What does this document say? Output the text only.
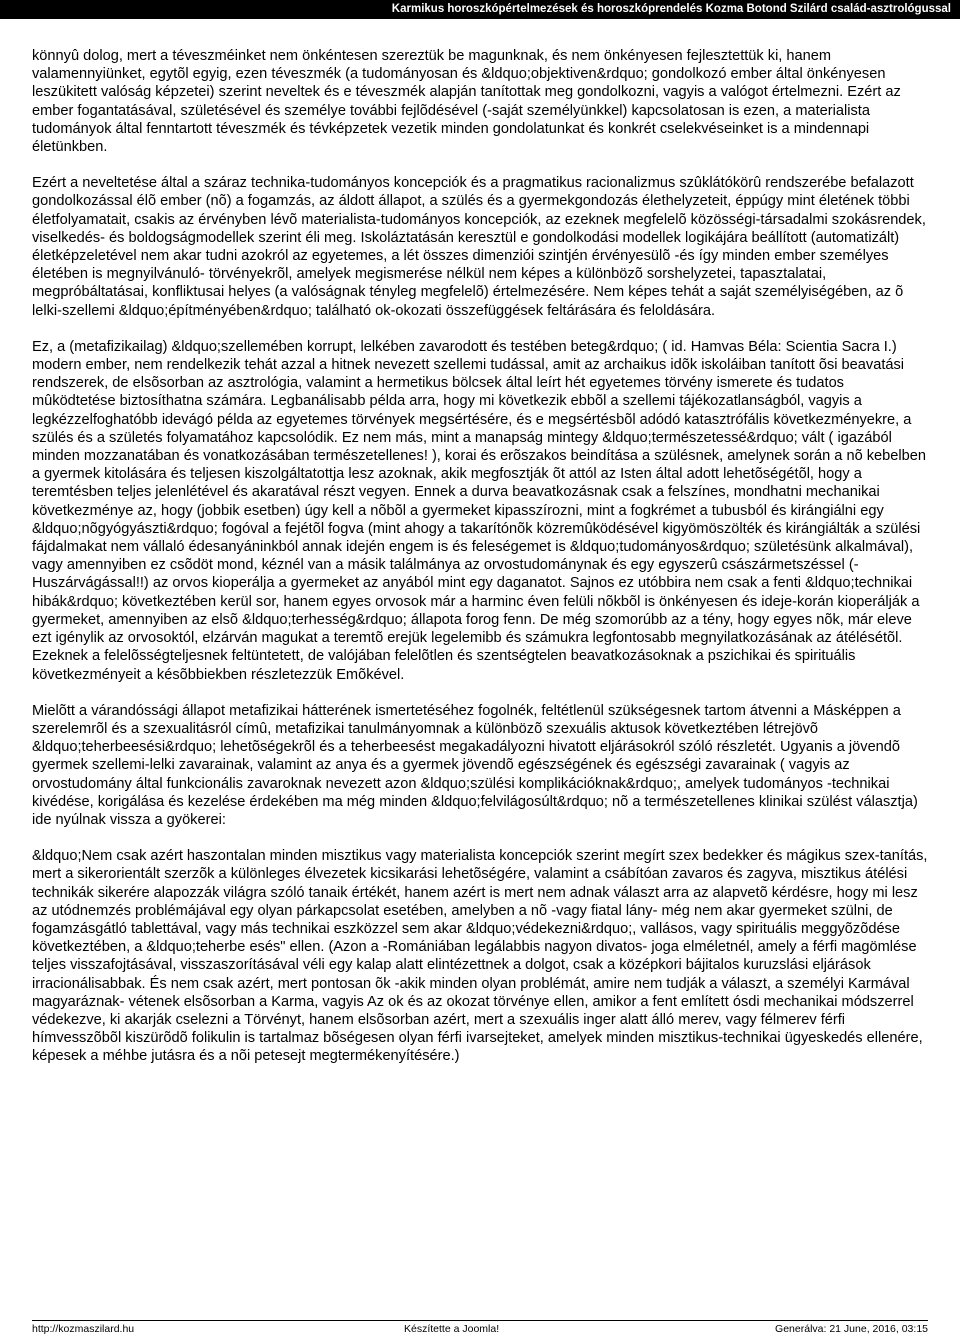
Karmikus horoszkópértelmezések és horoszkóprendelés Kozma Botond Szilárd család-asztrológussal

könnyû dolog, mert a téveszméinket nem önkéntesen szereztük be magunknak, és nem önkényesen fejlesztettük ki, hanem valamennyiünket, egytõl egyig, ezen téveszmék (a tudományosan és &ldquo;objektiven&rdquo; gondolkozó ember által önkényesen leszükitett valóság képzetei) szerint neveltek és e téveszmék alapján tanítottak meg gondolkozni, vagyis a valógot értelmezni. Ezért az ember fogantatásával, születésével és személye további fejlõdésével (-saját személyünkkel) kapcsolatosan is ezen, a materialista tudományok által fenntartott téveszmék és tévképzetek vezetik minden gondolatunkat és konkrét cselekvéseinket is a mindennapi életünkben.

Ezért a neveltetése által a száraz technika-tudományos koncepciók és a pragmatikus racionalizmus szûklátókörû rendszerébe befalazott gondolkozással élõ ember (nõ) a fogamzás, az áldott állapot, a szülés és a gyermekgondozás élethelyzeteit, éppúgy mint életének többi életfolyamatait, csakis az érvényben lévõ materialista-tudományos koncepciók, az ezeknek megfelelõ közösségi-társadalmi szokásrendek, viselkedés- és boldogságmodellek szerint éli meg. Iskoláztatásán keresztül e gondolkodási modellek logikájára beállított (automatizált) életképzeletével nem akar tudni azokról az egyetemes, a lét összes dimenziói szintjén érvényesülõ -és így minden ember személyes életében is megnyilvánuló- törvényekrõl, amelyek megismerése nélkül nem képes a különbözõ sorshelyzetei, tapasztalatai, megpróbáltatásai, konfliktusai helyes (a valóságnak tényleg megfelelõ) értelmezésére. Nem képes tehát a saját személyiségében, az õ lelki-szellemi &ldquo;építményében&rdquo; található ok-okozati összefüggések feltárására és feloldására.

Ez, a (metafizikailag) &ldquo;szellemében korrupt, lelkében zavarodott és testében beteg&rdquo; ( id. Hamvas Béla: Scientia Sacra I.) modern ember, nem rendelkezik tehát azzal a hitnek nevezett szellemi tudással, amit az archaikus idõk iskoláiban tanított õsi beavatási rendszerek, de elsõsorban az asztrológia, valamint a hermetikus bölcsek által leírt hét egyetemes törvény ismerete és tudatos mûködtetése biztosíthatna számára. Legbanálisabb példa arra, hogy mi következik ebbõl a szellemi tájékozatlanságból, vagyis a legkézzelfoghatóbb idevágó példa az egyetemes törvények megsértésére, és e megsértésbõl adódó katasztrófális következményekre, a szülés és a születés folyamatához kapcsolódik. Ez nem más, mint a manapság mintegy &ldquo;természetessé&rdquo; vált ( igazából minden mozzanatában és vonatkozásában természetellenes! ), korai és erõszakos beindítása a szülésnek, amelynek során a nõ kebelben a gyermek kitolására és teljesen kiszolgáltatottja lesz azoknak, akik megfosztják õt attól az Isten által adott lehetõségétõl, hogy a teremtésben teljes jelenlétével és akaratával részt vegyen. Ennek a durva beavatkozásnak csak a felszínes, mondhatni mechanikai következménye az, hogy (jobbik esetben) úgy kell a nõbõl a gyermeket kipasszírozni, mint a fogkrémet a tubusból és kirángiálni egy &ldquo;nõgyógyászti&rdquo; fogóval a fejétõl fogva (mint ahogy a takarítónõk közremûködésével kigyömöszölték és kirángiálták a szülési fájdalmakat nem vállaló édesanyáninkból annak idején engem is és feleségemet is &ldquo;tudományos&rdquo; születésünk alkalmával), vagy amennyiben ez csõdöt mond, kéznél van a másik találmánya az orvostudománynak és egy egyszerû császármetszéssel (-Huszárvágással!!) az orvos kioperálja a gyermeket az anyából mint egy daganatot. Sajnos ez utóbbira nem csak a fenti &ldquo;technikai hibák&rdquo; következtében kerül sor, hanem egyes orvosok már a harminc éven felüli nõkbõl is önkényesen és ideje-korán kioperálják a gyermeket, amennyiben az elsõ &ldquo;terhesség&rdquo; állapota forog fenn. De még szomorúbb az a tény, hogy egyes nõk, már eleve ezt igénylik az orvosoktól, elzárván magukat a teremtõ erejük legelemibb és számukra legfontosabb megnyilatkozásának az átélésétõl. Ezeknek a felelõsségteljesnek feltüntetett, de valójában felelõtlen és szentségtelen beavatkozásoknak a pszichikai és spirituális következményeit a késõbbiekben részletezzük Emõkével.

Mielõtt a várandóssági állapot metafizikai hátterének ismertetéséhez fogolnék, feltétlenül szükségesnek tartom átvenni a Másképpen a szerelemrõl és a szexualitásról címû, metafizikai tanulmányomnak a különbözõ szexuális aktusok következtében létrejövõ &ldquo;teherbeesési&rdquo; lehetõségekrõl és a teherbeesést megakadályozni hivatott eljárásokról szóló részletét. Ugyanis a jövendõ gyermek szellemi-lelki zavarainak, valamint az anya és a gyermek jövendõ egészségének és egészségi zavarainak ( vagyis az orvostudomány által funkcionális zavaroknak nevezett azon &ldquo;szülési komplikációknak&rdquo;, amelyek tudományos -technikai kivédése, korigálása és kezelése érdekében ma még minden &ldquo;felvilágosúlt&rdquo; nõ a természetellenes klinikai szülést választja) ide nyúlnak vissza a gyökerei:

&ldquo;Nem csak azért haszontalan minden misztikus vagy materialista koncepciók szerint megírt szex bedekker és mágikus szex-tanítás, mert a sikerorientált szerzõk a különleges élvezetek kicsikarási lehetõségére, valamint a csábítóan zavaros és zagyva, misztikus átélési technikák sikerére alapozzák világra szóló tanaik értékét, hanem azért is mert nem adnak választ arra az alapvetõ kérdésre, hogy mi lesz az utódnemzés problémájával egy olyan párkapcsolat esetében, amelyben a nõ -vagy fiatal lány- még nem akar gyermeket szülni, de fogamzásgátló tablettával, vagy más technikai eszközzel sem akar &ldquo;védekezni&rdquo;, vallásos, vagy spirituális meggyõzõdése következtében, a &ldquo;teherbe esés" ellen. (Azon a -Romániában legálabbis nagyon divatos- joga elméletnél, amely a férfi magömlése teljes visszafojtásával, visszaszorításával véli egy kalap alatt elintézettnek a dolgot, csak a középkori bájitalos kuruzslási eljárások irracionálisabbak. És nem csak azért, mert pontosan õk -akik minden olyan problémát, amire nem tudják a választ, a személyi Karmával magyaráznak- vétenek elsõsorban a Karma, vagyis Az ok és az okozat törvénye ellen, amikor a fent említett ósdi mechanikai módszerrel védekezve, ki akarják cselezni a Törvényt, hanem elsõsorban azért, mert a szexuális inger alatt álló merev, vagy félmerev férfi hímvesszõbõl kiszürõdõ folikulin is tartalmaz bõségesen olyan férfi ivarsejteket, amelyek minden misztikus-technikai ügyeskedés ellenére, képesek a méhbe jutásra és a nõi petesejt megtermékenyítésére.)

http://kozmaszilard.hu	Készítette a Joomla!	Generálva: 21 June, 2016, 03:15
